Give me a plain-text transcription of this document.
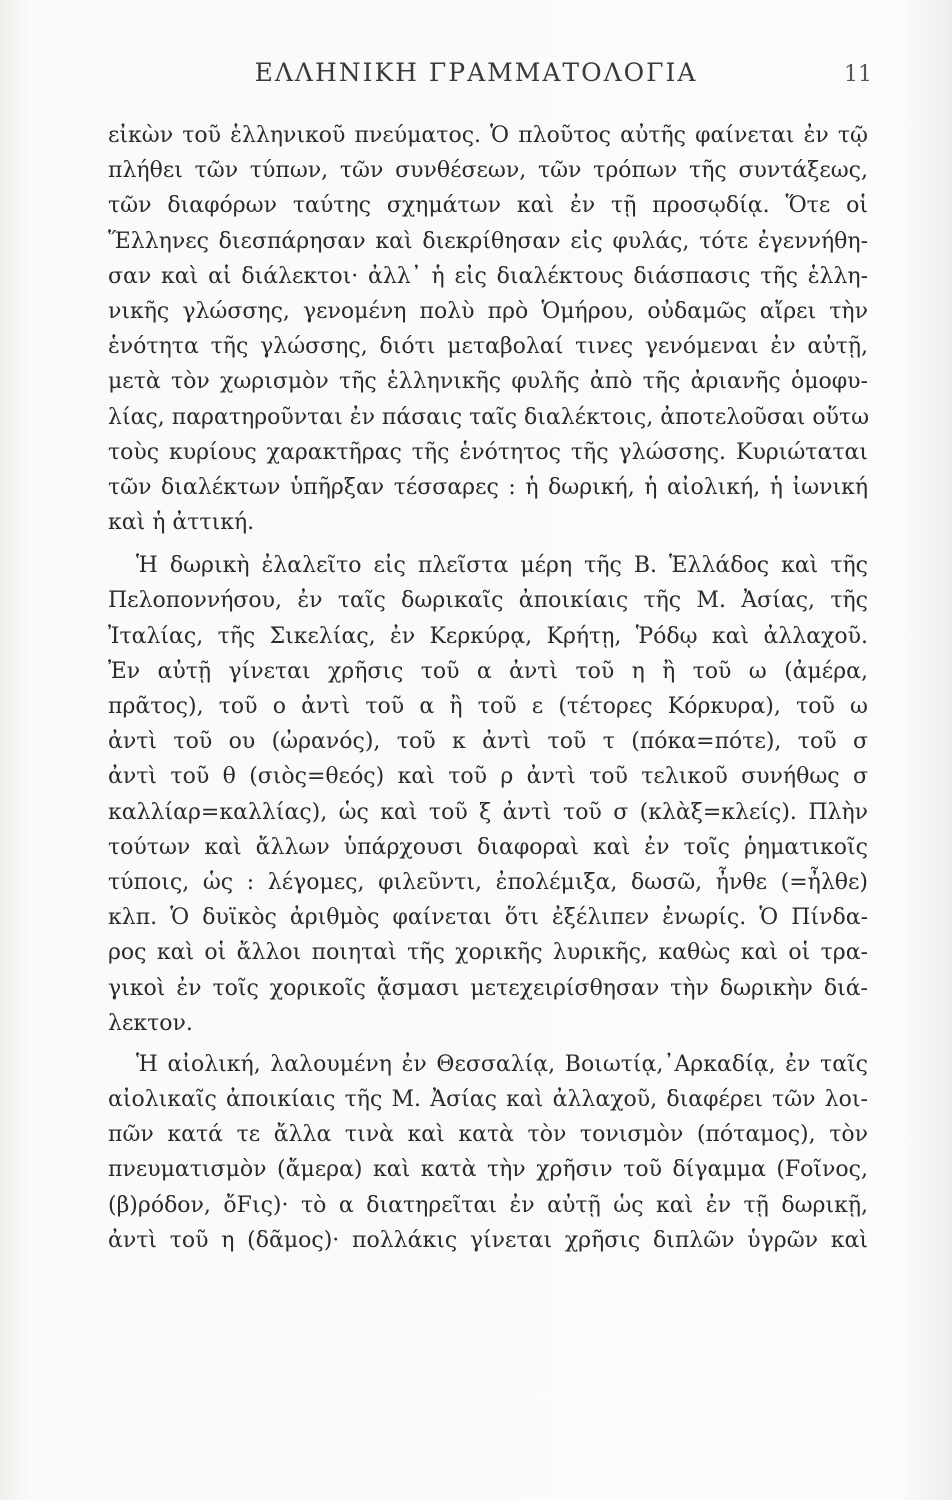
ΕΛΛΗΝΙΚΗ ΓΡΑΜΜΑΤΟΛΟΓΙΑ	11
εἰκὼν τοῦ ἑλληνικοῦ πνεύματος. Ὁ πλοῦτος αὐτῆς φαίνεται ἐν τῷ
πλήθει τῶν τύπων, τῶν συνθέσεων, τῶν τρόπων τῆς συντάξεως,
τῶν διαφόρων ταύτης σχημάτων καὶ ἐν τῇ προσῳδίᾳ. Ὅτε οἱ
Ἕλληνες διεσπάρησαν καὶ διεκρίθησαν εἰς φυλάς, τότε ἐγεννήθη-
σαν καὶ αἱ διάλεκτοι· ἀλλ᾿ ἡ εἰς διαλέκτους διάσπασις τῆς ἑλλη-
νικῆς γλώσσης, γενομένη πολὺ πρὸ Ὁμήρου, οὐδαμῶς αἴρει τὴν
ἑνότητα τῆς γλώσσης, διότι μεταβολαί τινες γενόμεναι ἐν αὐτῇ,
μετὰ τὸν χωρισμὸν τῆς ἑλληνικῆς φυλῆς ἀπὸ τῆς ἀριανῆς ὁμοφυ-
λίας, παρατηροῦνται ἐν πάσαις ταῖς διαλέκτοις, ἀποτελοῦσαι οὕτω
τοὺς κυρίους χαρακτῆρας τῆς ἑνότητος τῆς γλώσσης. Κυριώταται
τῶν διαλέκτων ὑπῆρξαν τέσσαρες : ἡ δωρική, ἡ αἰολική, ἡ ἰωνική
καὶ ἡ ἀττική.
Ἡ δωρικὴ ἐλαλεῖτο εἰς πλεῖστα μέρη τῆς Β. Ἑλλάδος καὶ τῆς
Πελοποννήσου, ἐν ταῖς δωρικαῖς ἀποικίαις τῆς Μ. Ἀσίας, τῆς
Ἰταλίας, τῆς Σικελίας, ἐν Κερκύρᾳ, Κρήτῃ, Ῥόδῳ καὶ ἀλλαχοῦ.
Ἐν αὐτῇ γίνεται χρῆσις τοῦ α ἀντὶ τοῦ η ἢ τοῦ ω (ἀμέρα,
πρᾶτος), τοῦ ο ἀντὶ τοῦ α ἢ τοῦ ε (τέτορες Κόρκυρα), τοῦ ω
ἀντὶ τοῦ ου (ὠρανός), τοῦ κ ἀντὶ τοῦ τ (πόκα=πότε), τοῦ σ
ἀντὶ τοῦ θ (σιὸς=θεός) καὶ τοῦ ρ ἀντὶ τοῦ τελικοῦ συνήθως σ
καλλίαρ=καλλίας), ὡς καὶ τοῦ ξ ἀντὶ τοῦ σ (κλὰξ=κλείς). Πλὴν
τούτων καὶ ἄλλων ὑπάρχουσι διαφοραὶ καὶ ἐν τοῖς ῥηματικοῖς
τύποις, ὡς : λέγομες, φιλεῦντι, ἐπολέμιξα, δωσῶ, ἦνθε (=ἦλθε)
κλπ. Ὁ δυϊκὸς ἀριθμὸς φαίνεται ὅτι ἐξέλιπεν ἐνωρίς. Ὁ Πίνδα-
ρος καὶ οἱ ἄλλοι ποιηταὶ τῆς χορικῆς λυρικῆς, καθὼς καὶ οἱ τρα-
γικοὶ ἐν τοῖς χορικοῖς ᾄσμασι μετεχειρίσθησαν τὴν δωρικὴν διά-
λεκτον.
Ἡ αἰολική, λαλουμένη ἐν Θεσσαλίᾳ, Βοιωτίᾳ,᾿Αρκαδίᾳ, ἐν ταῖς
αἰολικαῖς ἀποικίαις τῆς Μ. Ἀσίας καὶ ἀλλαχοῦ, διαφέρει τῶν λοι-
πῶν κατά τε ἄλλα τινὰ καὶ κατὰ τὸν τονισμὸν (πόταμος), τὸν
πνευματισμὸν (ἄμερα) καὶ κατὰ τὴν χρῆσιν τοῦ δίγαμμα (Fοῖνος,
(β)ρόδον, ὄFις)· τὸ α διατηρεῖται ἐν αὐτῇ ὡς καὶ ἐν τῇ δωρικῇ,
ἀντὶ τοῦ η (δᾶμος)· πολλάκις γίνεται χρῆσις διπλῶν ὑγρῶν καὶ
